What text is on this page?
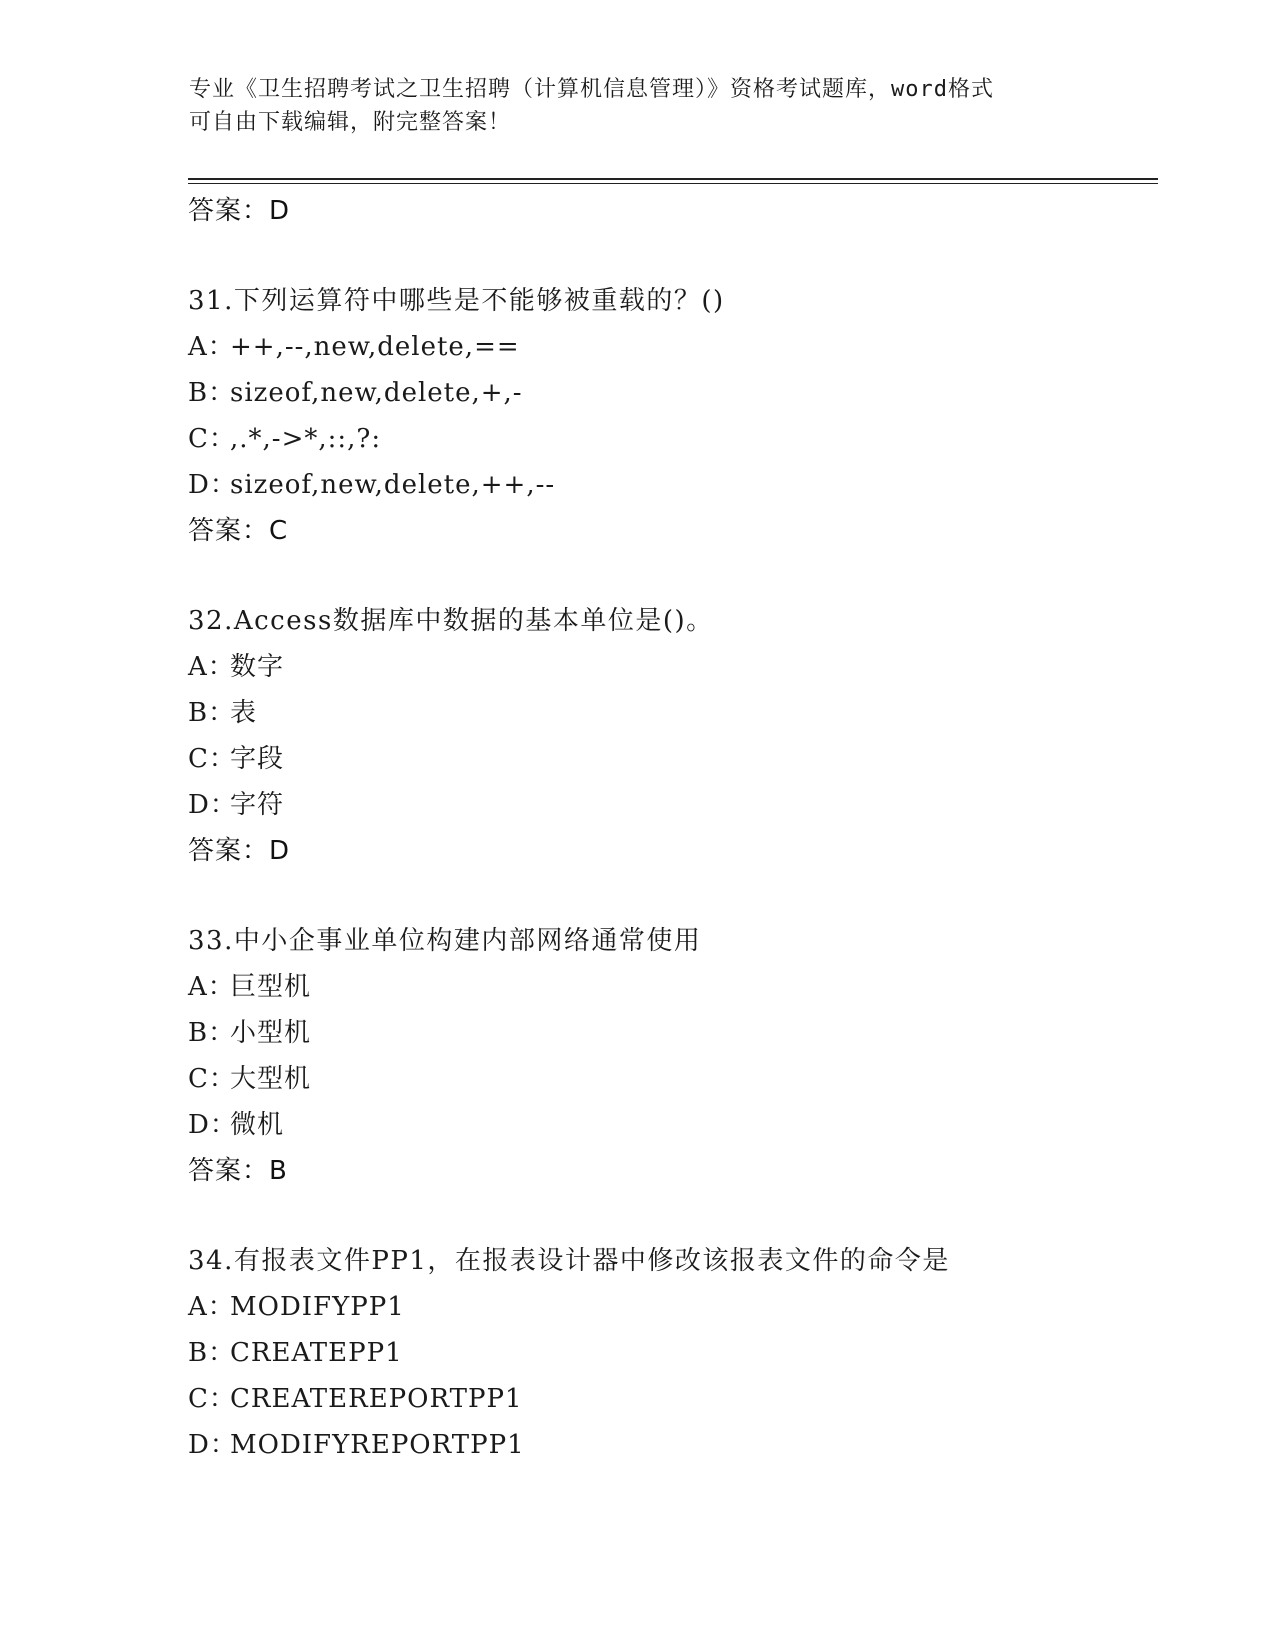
专业《卫生招聘考试之卫生招聘（计算机信息管理）》资格考试题库，word格式
可自由下载编辑，附完整答案！
答案：D
31.下列运算符中哪些是不能够被重载的？()
A：++,--,new,delete,==
B：sizeof,new,delete,+,-
C：,.*,->*,::,?:
D：sizeof,new,delete,++,--
答案：C
32.Access数据库中数据的基本单位是()。
A：数字
B：表
C：字段
D：字符
答案：D
33.中小企事业单位构建内部网络通常使用
A：巨型机
B：小型机
C：大型机
D：微机
答案：B
34.有报表文件PP1，在报表设计器中修改该报表文件的命令是
A：MODIFYPP1
B：CREATEPP1
C：CREATEREPORTPP1
D：MODIFYREPORTPP1
